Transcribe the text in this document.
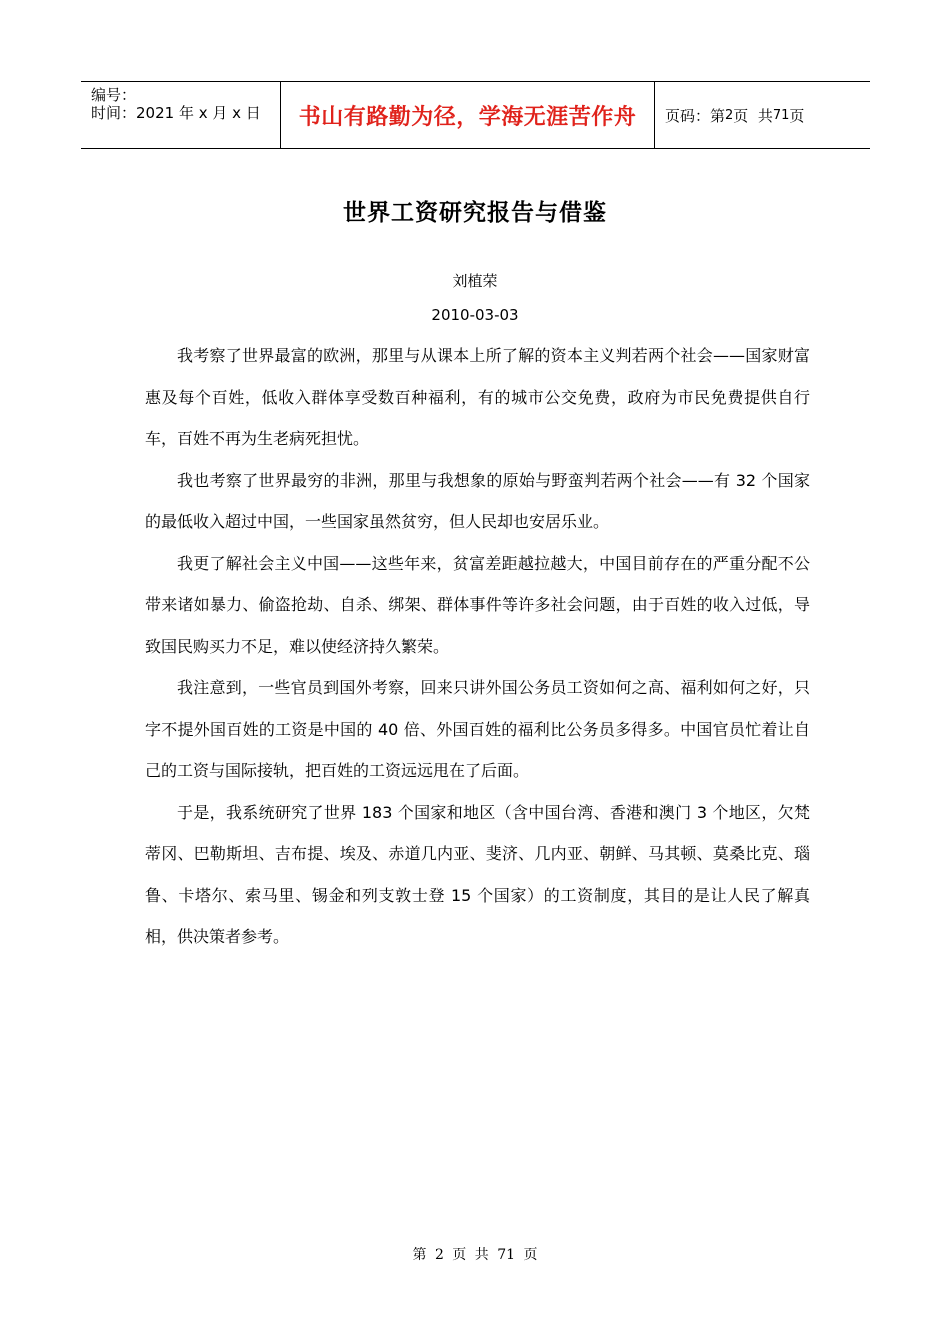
编号：
时间：2021 年 x 月 x 日	书山有路勤为径，学海无涯苦作舟 页码：第 2 页  共 71 页
世界工资研究报告与借鉴
刘植荣
2010-03-03

我考察了世界最富的欧洲，那里与从课本上所了解的资本主义判若两个社会——国家财富惠及每个百姓，低收入群体享受数百种福利，有的城市公交免费，政府为市民免费提供自行车，百姓不再为生老病死担忧。

我也考察了世界最穷的非洲，那里与我想象的原始与野蛮判若两个社会——有 32 个国家的最低收入超过中国，一些国家虽然贫穷，但人民却也安居乐业。

我更了解社会主义中国——这些年来，贫富差距越拉越大，中国目前存在的严重分配不公带来诸如暴力、偷盗抢劫、自杀、绑架、群体事件等许多社会问题，由于百姓的收入过低，导致国民购买力不足，难以使经济持久繁荣。

我注意到，一些官员到国外考察，回来只讲外国公务员工资如何之高、福利如何之好，只字不提外国百姓的工资是中国的 40 倍、外国百姓的福利比公务员多得多。中国官员忙着让自己的工资与国际接轨，把百姓的工资远远甩在了后面。

于是，我系统研究了世界 183 个国家和地区（含中国台湾、香港和澳门 3 个地区，欠梵蒂冈、巴勒斯坦、吉布提、埃及、赤道几内亚、斐济、几内亚、朝鲜、马其顿、莫桑比克、瑙鲁、卡塔尔、索马里、锡金和列支敦士登 15 个国家）的工资制度，其目的是让人民了解真相，供决策者参考。

第 2 页 共 71 页
